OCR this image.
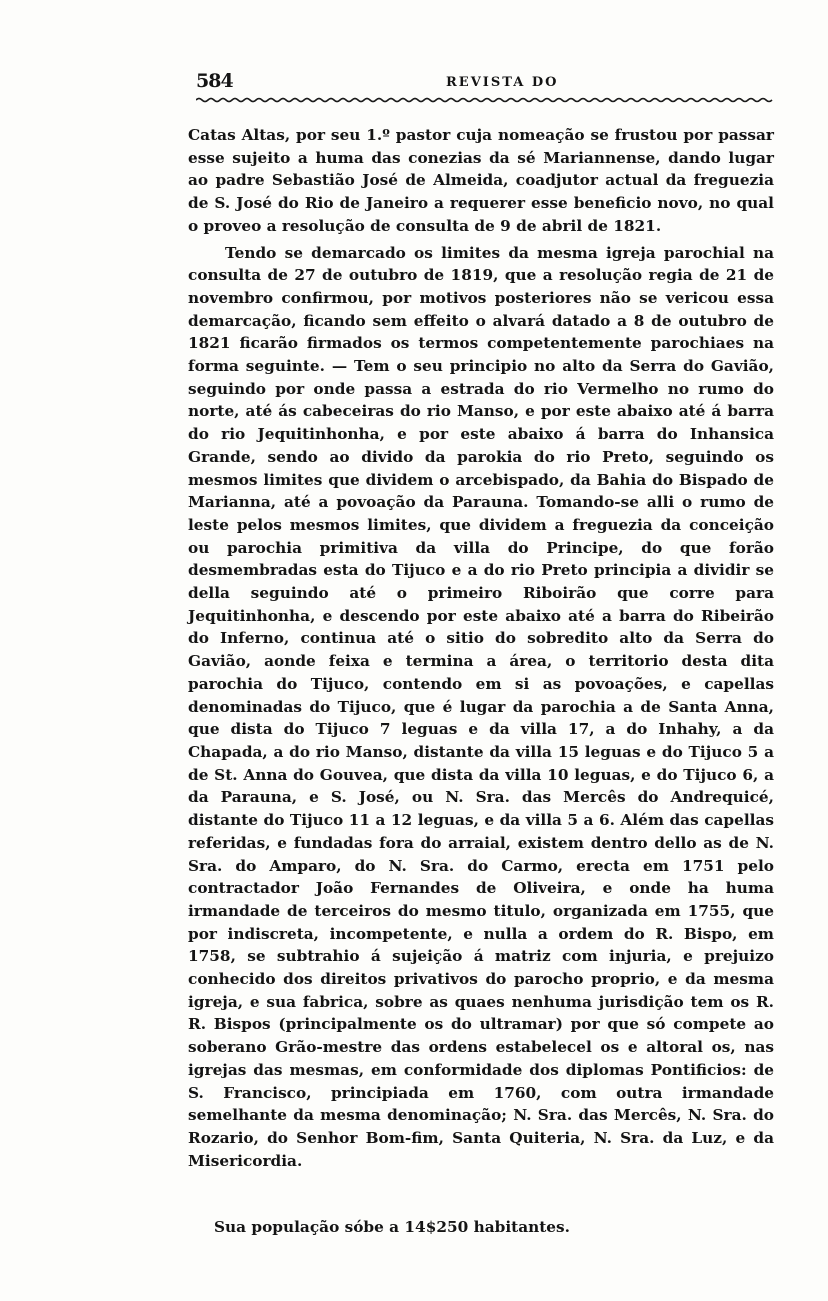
584	REVISTA DO

Catas Altas, por seu 1.º pastor cuja nomeação se frustou por passar esse sujeito a huma das conezias da sé Mariannense, dando lugar ao padre Sebastião José de Almeida, coadjutor actual da freguezia de S. José do Rio de Janeiro a requerer esse beneficio novo, no qual o proveo a resolução de consulta de 9 de abril de 1821.

Tendo se demarcado os limites da mesma igreja parochial na consulta de 27 de outubro de 1819, que a resolução regia de 21 de novembro confirmou, por motivos posteriores não se vericou essa demarcação, ficando sem effeito o alvará datado a 8 de outubro de 1821 ficarão firmados os termos competentemente parochiaes na forma seguinte. — Tem o seu principio no alto da Serra do Gavião, seguindo por onde passa a estrada do rio Vermelho no rumo do norte, até ás cabeceiras do rio Manso, e por este abaixo até á barra do rio Jequitinhonha, e por este abaixo á barra do Inhansica Grande, sendo ao divido da parokia do rio Preto, seguindo os mesmos limites que dividem o arcebispado, da Bahia do Bispado de Marianna, até a povoação da Parauna. Tomando-se alli o rumo de leste pelos mesmos limites, que dividem a freguezia da conceição ou parochia primitiva da villa do Principe, do que forão desmembradas esta do Tijuco e a do rio Preto principia a dividir se della seguindo até o primeiro Riboirão que corre para Jequitinhonha, e descendo por este abaixo até a barra do Ribeirão do Inferno, continua até o sitio do sobredito alto da Serra do Gavião, aonde feixa e termina a área, o territorio desta dita parochia do Tijuco, contendo em si as povoações, e capellas denominadas do Tijuco, que é lugar da parochia a de Santa Anna, que dista do Tijuco 7 leguas e da villa 17, a do Inhahy, a da Chapada, a do rio Manso, distante da villa 15 leguas e do Tijuco 5 a de St. Anna do Gouvea, que dista da villa 10 leguas, e do Tijuco 6, a da Parauna, e S. José, ou N. Sra. das Mercês do Andrequicé, distante do Tijuco 11 a 12 leguas, e da villa 5 a 6. Além das capellas referidas, e fundadas fora do arraial, existem dentro dello as de N. Sra. do Amparo, do N. Sra. do Carmo, erecta em 1751 pelo contractador João Fernandes de Oliveira, e onde ha huma irmandade de terceiros do mesmo titulo, organizada em 1755, que por indiscreta, incompetente, e nulla a ordem do R. Bispo, em 1758, se subtrahio á sujeição á matriz com injuria, e prejuizo conhecido dos direitos privativos do parocho proprio, e da mesma igreja, e sua fabrica, sobre as quaes nenhuma jurisdição tem os R. R. Bispos (principalmente os do ultramar) por que só compete ao soberano Grão-mestre das ordens estabelecel os e altoral os, nas igrejas das mesmas, em conformidade dos diplomas Pontificios: de S. Francisco, principiada em 1760, com outra irmandade semelhante da mesma denominação; N. Sra. das Mercês, N. Sra. do Rozario, do Senhor Bom-fim, Santa Quiteria, N. Sra. da Luz, e da Misericordia.

Sua população sóbe a 14$250 habitantes.
